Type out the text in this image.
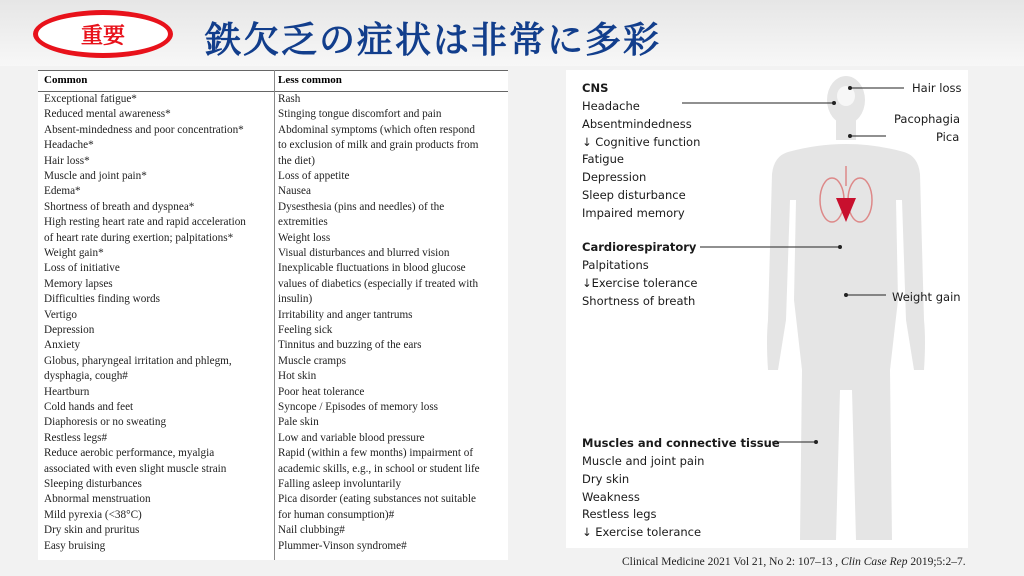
重要 鉄欠乏の症状は非常に多彩
Common	Less common
Exceptional fatigue*	Rash
Reduced mental awareness*	Stinging tongue discomfort and pain
Absent-mindedness and poor concentration*	Abdominal symptoms (which often respond
Headache*	to exclusion of milk and grain products from
Hair loss*	the diet)
Muscle and joint pain*	Loss of appetite
Edema*	Nausea
Shortness of breath and dyspnea*	Dysesthesia (pins and needles) of the
High resting heart rate and rapid acceleration	extremities
of heart rate during exertion; palpitations*	Weight loss
Weight gain*	Visual disturbances and blurred vision
Loss of initiative	Inexplicable fluctuations in blood glucose
Memory lapses	values of diabetics (especially if treated with
Difficulties finding words	insulin)
Vertigo	Irritability and anger tantrums
Depression	Feeling sick
Anxiety	Tinnitus and buzzing of the ears
Globus, pharyngeal irritation and phlegm,	Muscle cramps
dysphagia, cough#	Hot skin
Heartburn	Poor heat tolerance
Cold hands and feet	Syncope / Episodes of memory loss
Diaphoresis or no sweating	Pale skin
Restless legs#	Low and variable blood pressure
Reduce aerobic performance, myalgia	Rapid (within a few months) impairment of
associated with even slight muscle strain	academic skills, e.g., in school or student life
Sleeping disturbances	Falling asleep involuntarily
Abnormal menstruation	Pica disorder (eating substances not suitable
Mild pyrexia (<38°C)	for human consumption)#
Dry skin and pruritus	Nail clubbing#
Easy bruising	Plummer-Vinson syndrome#
CNS
Headache
Absentmindedness
↓ Cognitive function
Fatigue
Depression
Sleep disturbance
Impaired memory
Cardiorespiratory
Palpitations
↓Exercise tolerance
Shortness of breath
Muscles and connective tissue
Muscle and joint pain
Dry skin
Weakness
Restless legs
↓ Exercise tolerance
Hair loss
Pacophagia
Pica
Weight gain
Clinical Medicine 2021 Vol 21, No 2: 107–13 , Clin Case Rep 2019;5:2–7.
